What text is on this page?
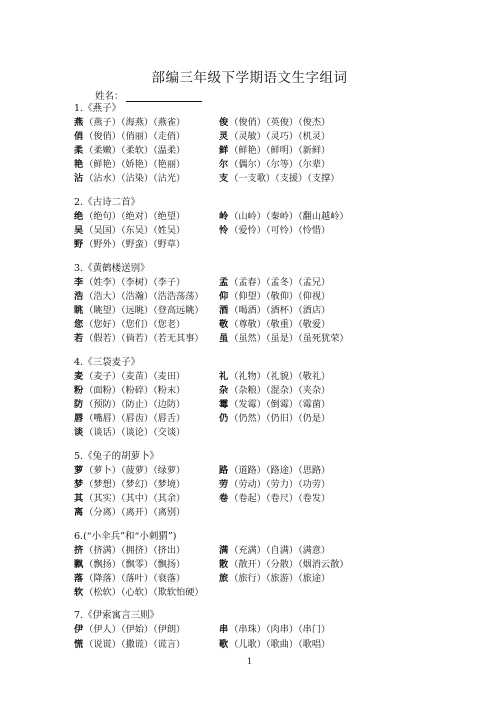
部编三年级下学期语文生字组词
姓名：
1.《燕子》
燕（燕子）（海燕）（燕雀）	俊（俊俏）（英俊）（俊杰）
俏（俊俏）（俏丽）（走俏）	灵（灵敏）（灵巧）（机灵）
柔（柔嫩）（柔软）（温柔）	鲜（鲜艳）（鲜明）（新鲜）
艳（鲜艳）（娇艳）（艳丽）	尔（偶尔）（尔等）（尔辈）
沾（沾水）（沾染）（沾光）	支（一支歌）（支援）（支撑）
2.《古诗二首》
绝（绝句）（绝对）（绝望）	岭（山岭）（秦岭）（翻山越岭）
吴（吴国）（东吴）（姓吴）	怜（爱怜）（可怜）（怜惜）
野（野外）（野蛮）（野草）
3.《黄鹤楼送别》
李（姓李）（李树）（李子）	孟（孟春）（孟冬）（孟兄）
浩（浩大）（浩瀚）（浩浩荡荡）	仰（仰望）（敬仰）（仰视）
眺（眺望）（远眺）（登高远眺）	酒（喝酒）（酒杯）（酒店）
您（您好）（您们）（您老）	敬（尊敬）（敬重）（敬爱）
若（假若）（倘若）（若无其事）	虽（虽然）（虽是）（虽死犹荣）
4.《三袋麦子》
麦（麦子）（麦苗）（麦田）	礼（礼物）（礼貌）（敬礼）
粉（面粉）（粉碎）（粉末）	杂（杂粮）（混杂）（夹杂）
防（预防）（防止）（边防）	霉（发霉）（倒霉）（霉菌）
唇（嘴唇）（唇齿）（唇舌）	仍（仍然）（仍旧）（仍是）
谈（谈话）（谈论）（交谈）
5.《兔子的胡萝卜》
萝（萝卜）（菠萝）（绿萝）	路（道路）（路途）（思路）
梦（梦想）（梦幻）（梦境）	劳（劳动）（劳力）（功劳）
其（其实）（其中）（其余）	卷（卷起）（卷尺）（卷发）
离（分离）（离开）（离别）
6.(“小伞兵”和“小刺猬”)
挤（挤满）（拥挤）（挤出）	满（充满）（自满）（满意）
飘（飘扬）（飘零）（飘扬）	散（散开）（分散）（烟消云散）
落（降落）（落叶）（衰落）	旅（旅行）（旅游）（旅途）
软（松软）（心软）（欺软怕硬）
7.《伊索寓言三则》
伊（伊人）（伊始）（伊朗）	串（串珠）（肉串）（串门）
慌（说谎）（撒谎）（谎言）	歌（儿歌）（歌曲）（歌唱）
1
